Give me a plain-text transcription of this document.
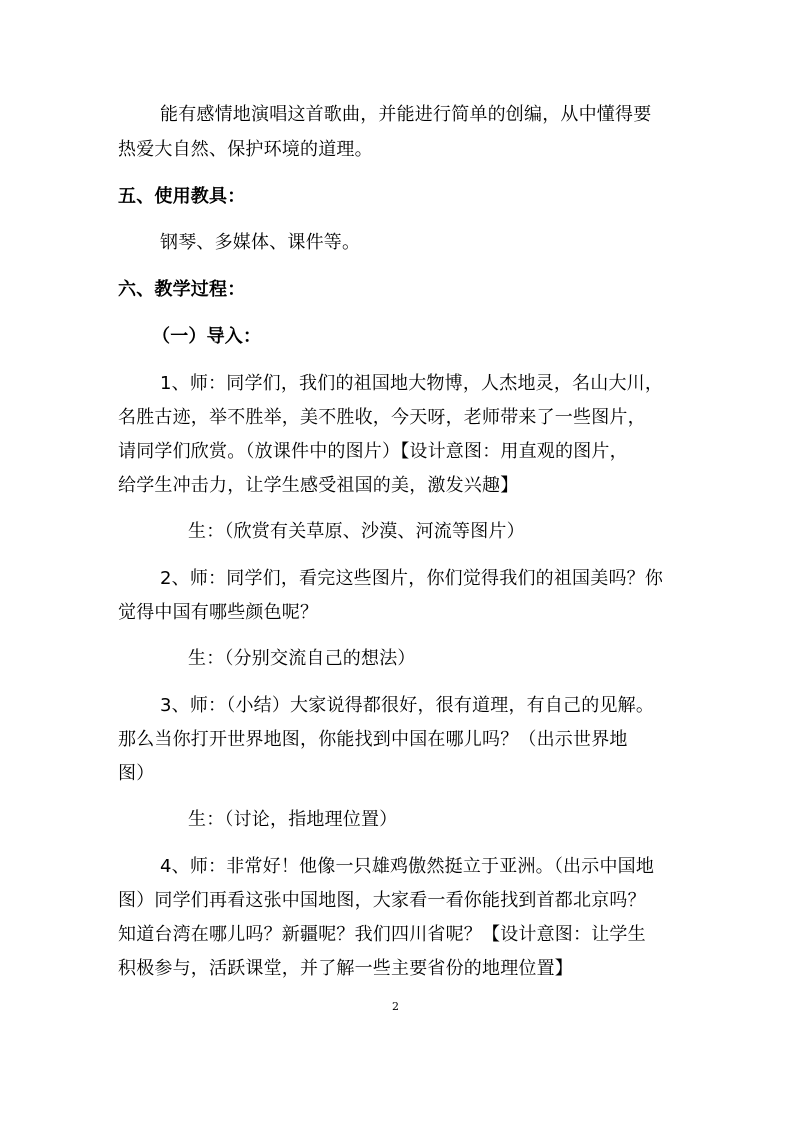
能有感情地演唱这首歌曲，并能进行简单的创编，从中懂得要
热爱大自然、保护环境的道理。
五、使用教具：
钢琴、多媒体、课件等。
六、教学过程：
（一）导入：
1、师：同学们，我们的祖国地大物博，人杰地灵，名山大川，
名胜古迹，举不胜举，美不胜收，今天呀，老师带来了一些图片，
请同学们欣赏。（放课件中的图片）【设计意图：用直观的图片，
给学生冲击力，让学生感受祖国的美，激发兴趣】
生：（欣赏有关草原、沙漠、河流等图片）
2、师：同学们，看完这些图片，你们觉得我们的祖国美吗？你
觉得中国有哪些颜色呢？
生：（分别交流自己的想法）
3、师：（小结）大家说得都很好，很有道理，有自己的见解。
那么当你打开世界地图，你能找到中国在哪儿吗？（出示世界地
图）
生：（讨论，指地理位置）
4、师：非常好！他像一只雄鸡傲然挺立于亚洲。（出示中国地
图）同学们再看这张中国地图，大家看一看你能找到首都北京吗？
知道台湾在哪儿吗？新疆呢？我们四川省呢？【设计意图：让学生
积极参与，活跃课堂，并了解一些主要省份的地理位置】
2
